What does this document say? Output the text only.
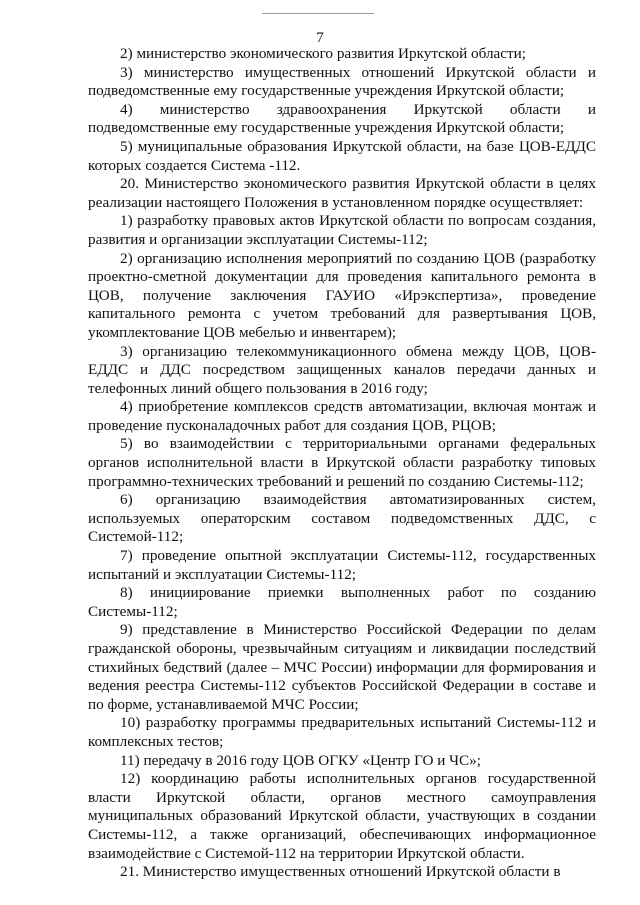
7

2) министерство экономического развития Иркутской области;

3) министерство имущественных отношений Иркутской области и подведомственные ему государственные учреждения Иркутской области;

4) министерство здравоохранения Иркутской области и подведомственные ему государственные учреждения Иркутской области;

5) муниципальные образования Иркутской области, на базе ЦОВ-ЕДДС которых создается Система -112.

20. Министерство экономического развития Иркутской области в целях реализации настоящего Положения в установленном порядке осуществляет:

1) разработку правовых актов Иркутской области по вопросам создания, развития и организации эксплуатации Системы-112;

2) организацию исполнения мероприятий по созданию ЦОВ (разработку проектно-сметной документации для проведения капитального ремонта в ЦОВ, получение заключения ГАУИО «Ирэкспертиза», проведение капитального ремонта с учетом требований для развертывания ЦОВ, укомплектование ЦОВ мебелью и инвентарем);

3) организацию телекоммуникационного обмена между ЦОВ, ЦОВ-ЕДДС и ДДС посредством защищенных каналов передачи данных и телефонных линий общего пользования в 2016 году;

4) приобретение комплексов средств автоматизации, включая монтаж и проведение пусконаладочных работ для создания ЦОВ, РЦОВ;

5) во взаимодействии с территориальными органами федеральных органов исполнительной власти в Иркутской области разработку типовых программно-технических требований и решений по созданию Системы-112;

6) организацию взаимодействия автоматизированных систем, используемых операторским составом подведомственных ДДС, с Системой-112;

7) проведение опытной эксплуатации Системы-112, государственных испытаний и эксплуатации Системы-112;

8) инициирование приемки выполненных работ по созданию Системы-112;

9) представление в Министерство Российской Федерации по делам гражданской обороны, чрезвычайным ситуациям и ликвидации последствий стихийных бедствий (далее – МЧС России) информации для формирования и ведения реестра Системы-112 субъектов Российской Федерации в составе и по форме, устанавливаемой МЧС России;

10) разработку программы предварительных испытаний Системы-112 и комплексных тестов;

11) передачу в 2016 году ЦОВ ОГКУ «Центр ГО и ЧС»;

12) координацию работы исполнительных органов государственной власти Иркутской области, органов местного самоуправления муниципальных образований Иркутской области, участвующих в создании Системы-112, а также организаций, обеспечивающих информационное взаимодействие с Системой-112 на территории Иркутской области.

21. Министерство имущественных отношений Иркутской области в
